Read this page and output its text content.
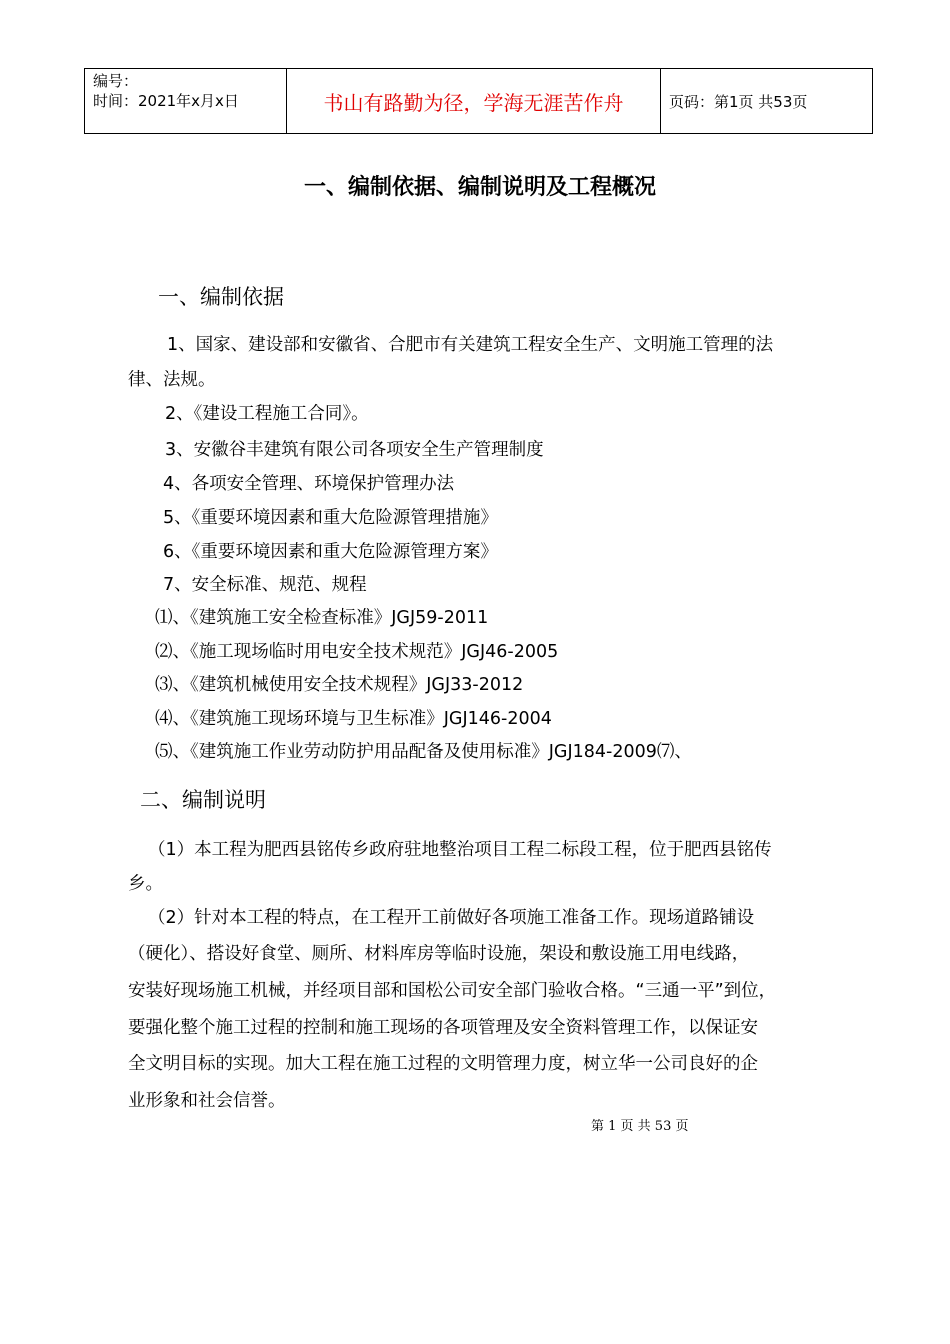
编号：
时间：2021年x月x日	书山有路勤为径，学海无涯苦作舟	页码：第1页 共53页
一、编制依据、编制说明及工程概况
一、编制依据
1、国家、建设部和安徽省、合肥市有关建筑工程安全生产、文明施工管理的法
律、法规。
2、《建设工程施工合同》。
3、安徽谷丰建筑有限公司各项安全生产管理制度
4、各项安全管理、环境保护管理办法
5、《重要环境因素和重大危险源管理措施》
6、《重要环境因素和重大危险源管理方案》
7、安全标准、规范、规程
⑴、《建筑施工安全检查标准》JGJ59-2011
⑵、《施工现场临时用电安全技术规范》JGJ46-2005
⑶、《建筑机械使用安全技术规程》JGJ33-2012
⑷、《建筑施工现场环境与卫生标准》JGJ146-2004
⑸、《建筑施工作业劳动防护用品配备及使用标准》JGJ184-2009⑺、
二、编制说明
（1）本工程为肥西县铭传乡政府驻地整治项目工程二标段工程，位于肥西县铭传
乡。
（2）针对本工程的特点，在工程开工前做好各项施工准备工作。现场道路铺设
（硬化）、搭设好食堂、厕所、材料库房等临时设施，架设和敷设施工用电线路，
安装好现场施工机械，并经项目部和国松公司安全部门验收合格。“三通一平”到位，
要强化整个施工过程的控制和施工现场的各项管理及安全资料管理工作，以保证安
全文明目标的实现。加大工程在施工过程的文明管理力度，树立华一公司良好的企
业形象和社会信誉。
第 1 页 共 53 页
